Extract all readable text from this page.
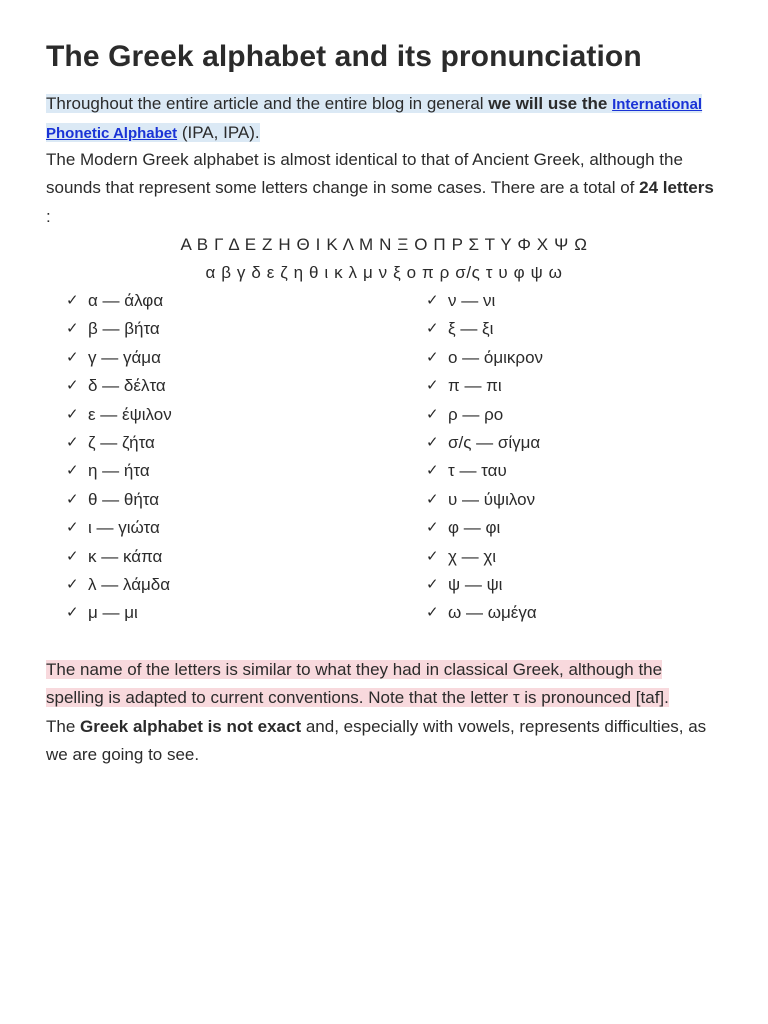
The Greek alphabet and its pronunciation

Throughout the entire article and the entire blog in general we will use the International Phonetic Alphabet (IPA, IPA).

The Modern Greek alphabet is almost identical to that of Ancient Greek, although the sounds that represent some letters change in some cases. There are a total of 24 letters :

Α Β Γ Δ Ε Ζ Η Θ Ι Κ Λ Μ Ν Ξ Ο Π Ρ Σ Τ Υ Φ Χ Ψ Ω
α β γ δ ε ζ η θ ι κ λ μ ν ξ ο π ρ σ/ς τ υ φ ψ ω
✓ α — άλφα
✓ β — βήτα
✓ γ — γάμα
✓ δ — δέλτα
✓ ε — έψιλον
✓ ζ — ζήτα
✓ η — ήτα
✓ θ — θήτα
✓ ι — γιώτα
✓ κ — κάπα
✓ λ — λάμδα
✓ μ — μι
✓ ν — νι
✓ ξ — ξι
✓ ο — όμικρον
✓ π — πι
✓ ρ — ρο
✓ σ/ς — σίγμα
✓ τ — ταυ
✓ υ — ύψιλον
✓ φ — φι
✓ χ — χι
✓ ψ — ψι
✓ ω — ωμέγα

The name of the letters is similar to what they had in classical Greek, although the spelling is adapted to current conventions. Note that the letter τ is pronounced [taf].

The Greek alphabet is not exact and, especially with vowels, represents difficulties, as we are going to see.
